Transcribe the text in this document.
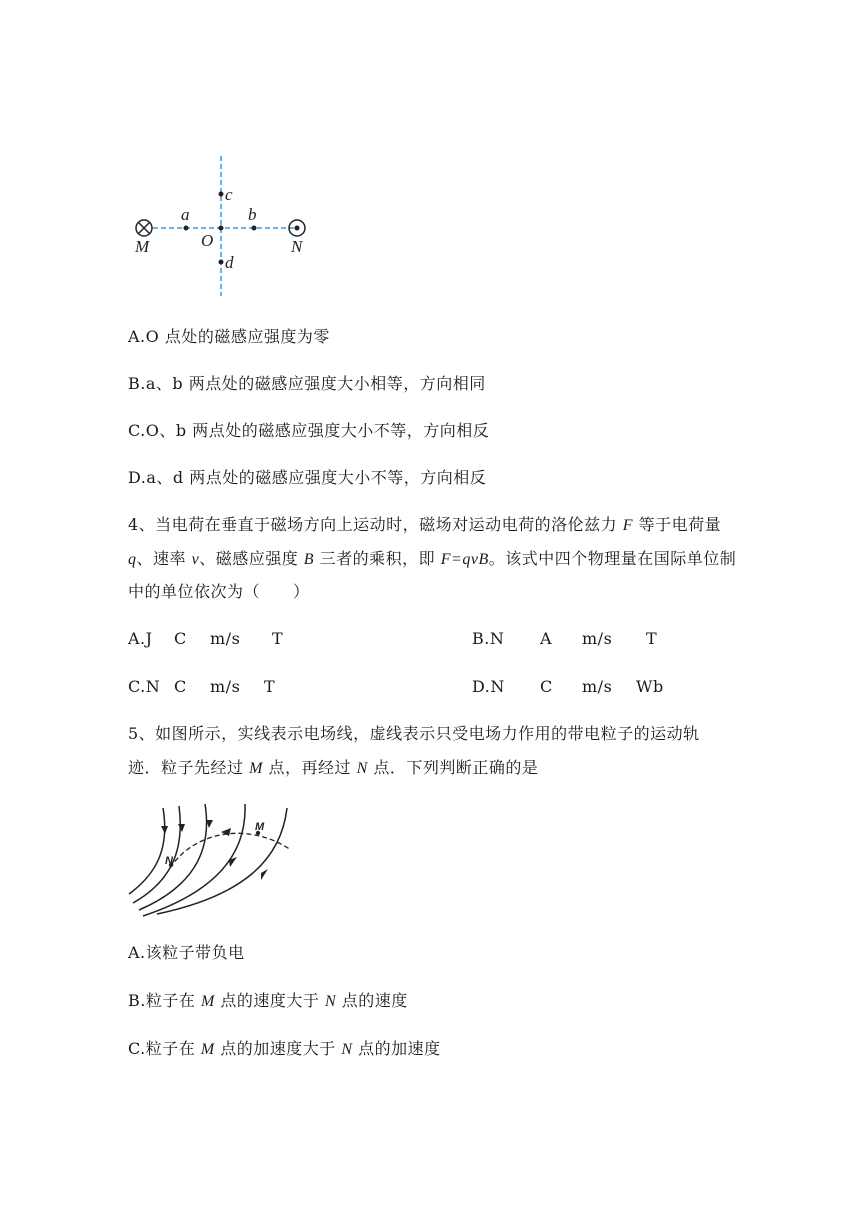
a	b
c
d
O
M	N
A.O 点处的磁感应强度为零
B.a、b 两点处的磁感应强度大小相等，方向相同
C.O、b 两点处的磁感应强度大小不等，方向相反
D.a、d 两点处的磁感应强度大小不等，方向相反
4、当电荷在垂直于磁场方向上运动时，磁场对运动电荷的洛伦兹力 F 等于电荷量
q、速率 v、磁感应强度 B 三者的乘积，即 F=qvB。该式中四个物理量在国际单位制
中的单位依次为（　　）
A.J C m/s T	B.N A m/s T
C.N C m/s T	D.N C m/s Wb
5、如图所示，实线表示电场线，虚线表示只受电场力作用的带电粒子的运动轨
迹．粒子先经过 M 点，再经过 N 点．下列判断正确的是
M
N
A.该粒子带负电
B.粒子在 M 点的速度大于 N 点的速度
C.粒子在 M 点的加速度大于 N 点的加速度
